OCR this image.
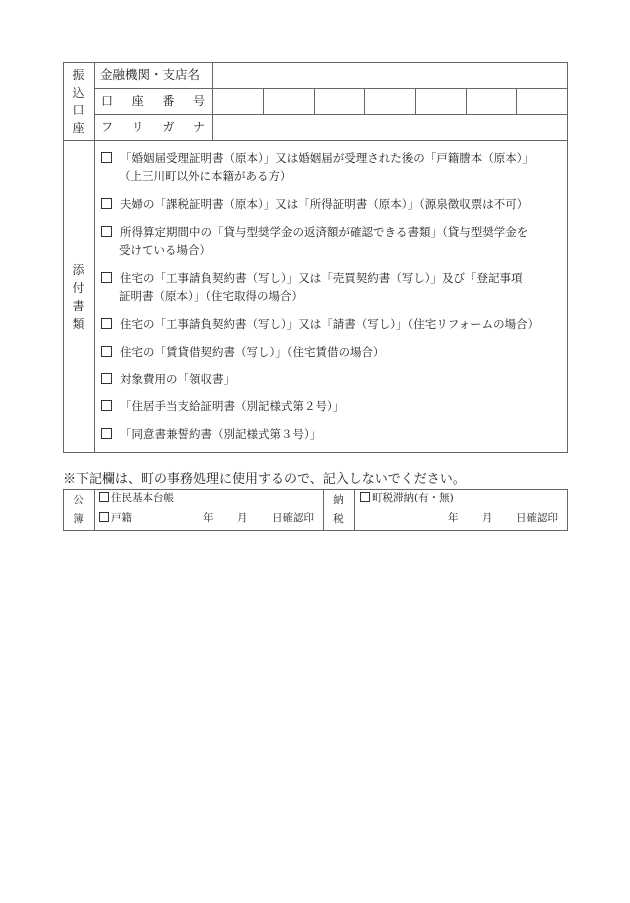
振
込
口
座
金融機関・支店名
口 座 番 号
フ リ ガ ナ
添
付
書
類
「婚姻届受理証明書（原本）」又は婚姻届が受理された後の「戸籍謄本（原本）」
（上三川町以外に本籍がある方）
夫婦の「課税証明書（原本）」又は「所得証明書（原本）」（源泉徴収票は不可）
所得算定期間中の「貸与型奨学金の返済額が確認できる書類」（貸与型奨学金を
受けている場合）
住宅の「工事請負契約書（写し）」又は「売買契約書（写し）」及び「登記事項
証明書（原本）」（住宅取得の場合）
住宅の「工事請負契約書（写し）」又は「請書（写し）」（住宅リフォームの場合）
住宅の「賃貸借契約書（写し）」（住宅賃借の場合）
対象費用の「領収書」
「住居手当支給証明書（別記様式第２号）」
「同意書兼誓約書（別記様式第３号）」
※下記欄は、町の事務処理に使用するので、記入しないでください。
公
簿
住民基本台帳
戸籍	年 月 日確認印
納
税
町税滞納(有・無)
年 月 日確認印
